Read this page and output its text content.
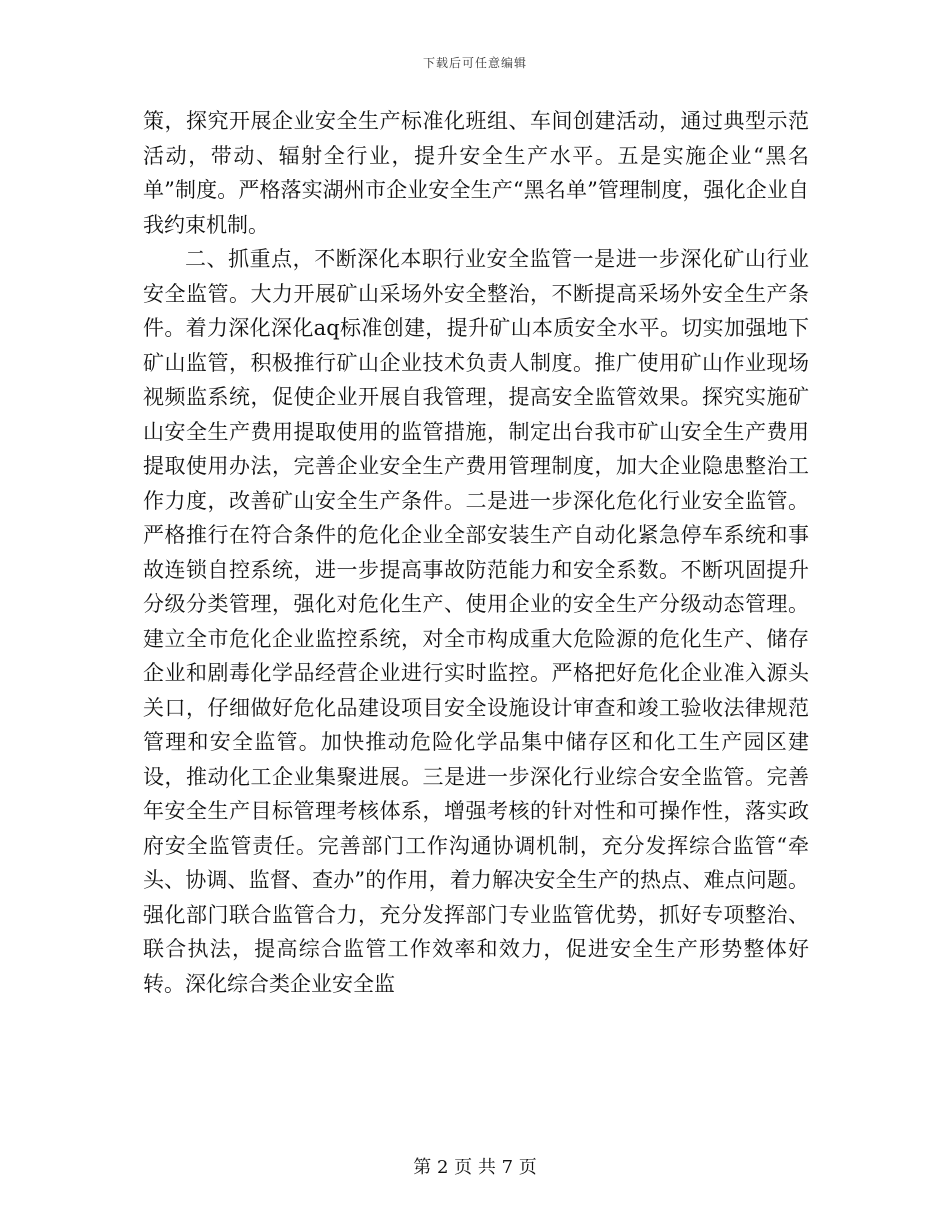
下载后可任意编辑

策，探究开展企业安全生产标准化班组、车间创建活动，通过典型示范活动，带动、辐射全行业，提升安全生产水平。五是实施企业“黑名单”制度。严格落实湖州市企业安全生产“黑名单”管理制度，强化企业自我约束机制。

二、抓重点，不断深化本职行业安全监管一是进一步深化矿山行业安全监管。大力开展矿山采场外安全整治，不断提高采场外安全生产条件。着力深化深化aq标准创建，提升矿山本质安全水平。切实加强地下矿山监管，积极推行矿山企业技术负责人制度。推广使用矿山作业现场视频监系统，促使企业开展自我管理，提高安全监管效果。探究实施矿山安全生产费用提取使用的监管措施，制定出台我市矿山安全生产费用提取使用办法，完善企业安全生产费用管理制度，加大企业隐患整治工作力度，改善矿山安全生产条件。二是进一步深化危化行业安全监管。严格推行在符合条件的危化企业全部安装生产自动化紧急停车系统和事故连锁自控系统，进一步提高事故防范能力和安全系数。不断巩固提升分级分类管理，强化对危化生产、使用企业的安全生产分级动态管理。建立全市危化企业监控系统，对全市构成重大危险源的危化生产、储存企业和剧毒化学品经营企业进行实时监控。严格把好危化企业准入源头关口，仔细做好危化品建设项目安全设施设计审查和竣工验收法律规范管理和安全监管。加快推动危险化学品集中储存区和化工生产园区建设，推动化工企业集聚进展。三是进一步深化行业综合安全监管。完善年安全生产目标管理考核体系，增强考核的针对性和可操作性，落实政府安全监管责任。完善部门工作沟通协调机制，充分发挥综合监管“牵头、协调、监督、查办”的作用，着力解决安全生产的热点、难点问题。强化部门联合监管合力，充分发挥部门专业监管优势，抓好专项整治、联合执法，提高综合监管工作效率和效力，促进安全生产形势整体好转。深化综合类企业安全监

第 2 页 共 7 页
